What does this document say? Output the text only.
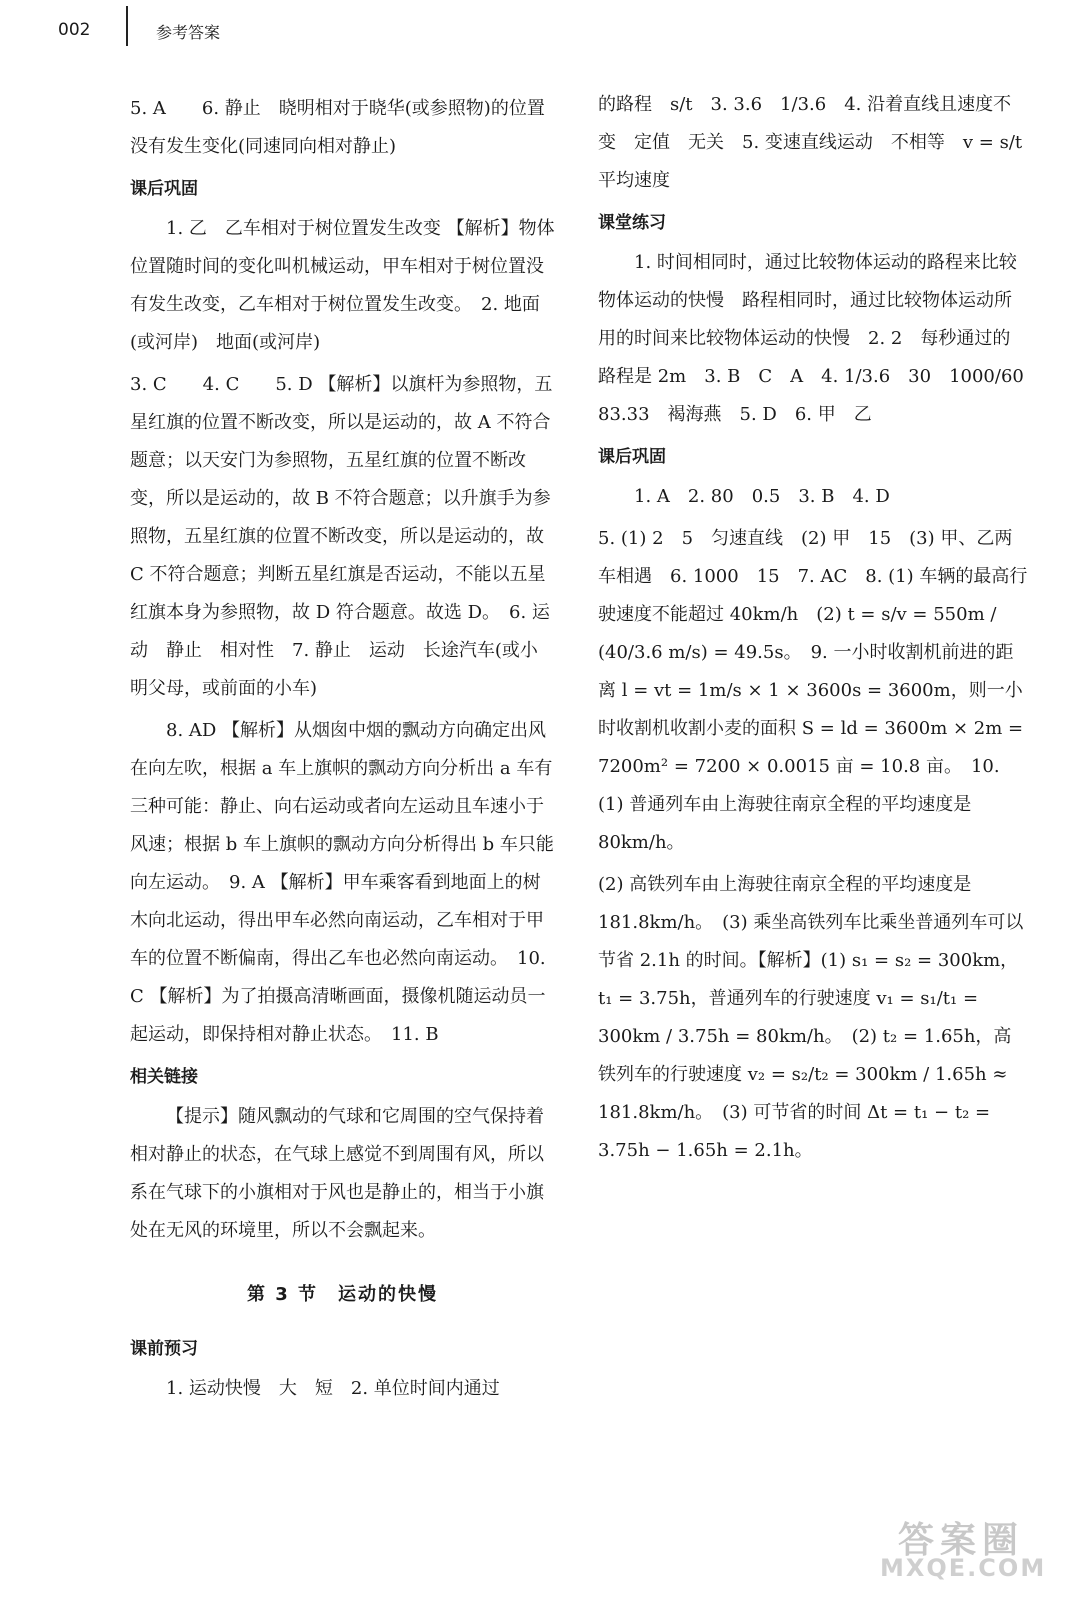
002	参考答案

5. A　　6. 静止　晓明相对于晓华(或参照物)的位置没有发生变化(同速同向相对静止)

课后巩固

1. 乙　乙车相对于树位置发生改变 【解析】物体位置随时间的变化叫机械运动，甲车相对于树位置没有发生改变，乙车相对于树位置发生改变。　2. 地面(或河岸)　地面(或河岸)

3. C　　4. C　　5. D 【解析】以旗杆为参照物，五星红旗的位置不断改变，所以是运动的，故 A 不符合题意；以天安门为参照物，五星红旗的位置不断改变，所以是运动的，故 B 不符合题意；以升旗手为参照物，五星红旗的位置不断改变，所以是运动的，故 C 不符合题意；判断五星红旗是否运动，不能以五星红旗本身为参照物，故 D 符合题意。故选 D。　6. 运动　静止　相对性　7. 静止　运动　长途汽车(或小明父母，或前面的小车)

8. AD 【解析】从烟囱中烟的飘动方向确定出风在向左吹，根据 a 车上旗帜的飘动方向分析出 a 车有三种可能：静止、向右运动或者向左运动且车速小于风速；根据 b 车上旗帜的飘动方向分析得出 b 车只能向左运动。　9. A 【解析】甲车乘客看到地面上的树木向北运动，得出甲车必然向南运动，乙车相对于甲车的位置不断偏南，得出乙车也必然向南运动。　10. C 【解析】为了拍摄高清晰画面，摄像机随运动员一起运动，即保持相对静止状态。　11. B

相关链接

【提示】随风飘动的气球和它周围的空气保持着相对静止的状态，在气球上感觉不到周围有风，所以系在气球下的小旗相对于风也是静止的，相当于小旗处在无风的环境里，所以不会飘起来。

第 3 节　运动的快慢
课前预习

1. 运动快慢　大　短　2. 单位时间内通过

的路程　s/t　3. 3.6　1/3.6　4. 沿着直线且速度不变　定值　无关　5. 变速直线运动　不相等　v = s/t　平均速度

课堂练习

1. 时间相同时，通过比较物体运动的路程来比较物体运动的快慢　路程相同时，通过比较物体运动所用的时间来比较物体运动的快慢　2. 2　每秒通过的路程是 2m　3. B　C　A　4. 1/3.6　30　1000/60　83.33　褐海燕　5. D　6. 甲　乙

课后巩固

1. A　2. 80　0.5　3. B　4. D

5. (1) 2　5　匀速直线　(2) 甲　15　(3) 甲、乙两车相遇　6. 1000　15　7. AC　8. (1) 车辆的最高行驶速度不能超过 40km/h　(2) t = s/v = 550m / (40/3.6 m/s) = 49.5s。　9. 一小时收割机前进的距离 l = vt = 1m/s × 1 × 3600s = 3600m，则一小时收割机收割小麦的面积 S = ld = 3600m × 2m = 7200m² = 7200 × 0.0015 亩 = 10.8 亩。　10. (1) 普通列车由上海驶往南京全程的平均速度是 80km/h。

(2) 高铁列车由上海驶往南京全程的平均速度是 181.8km/h。　(3) 乘坐高铁列车比乘坐普通列车可以节省 2.1h 的时间。【解析】(1) s₁ = s₂ = 300km，t₁ = 3.75h，普通列车的行驶速度 v₁ = s₁/t₁ = 300km / 3.75h = 80km/h。　(2) t₂ = 1.65h，高铁列车的行驶速度 v₂ = s₂/t₂ = 300km / 1.65h ≈ 181.8km/h。　(3) 可节省的时间 Δt = t₁ − t₂ = 3.75h − 1.65h = 2.1h。

答案圈
MXQE.COM
